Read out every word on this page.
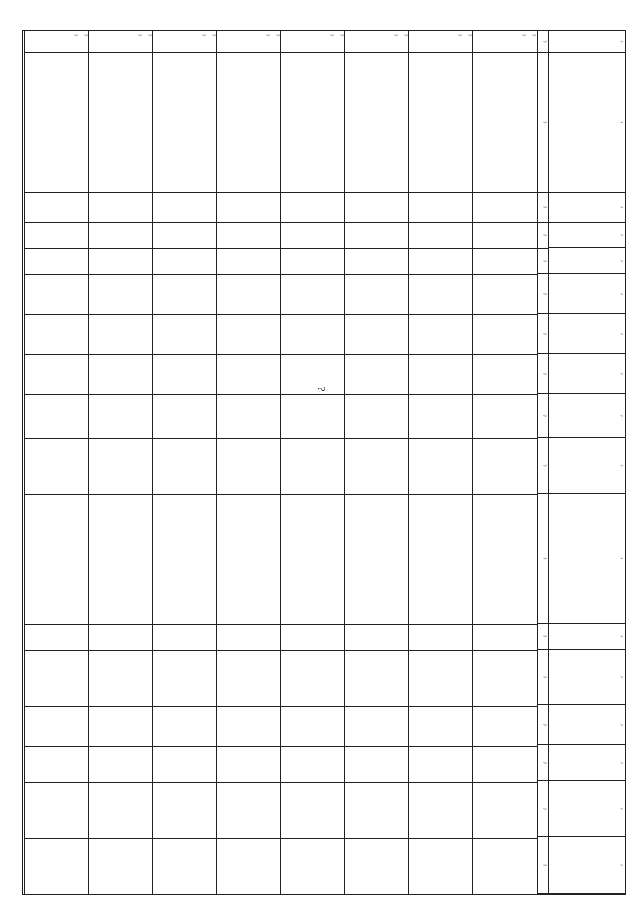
?
?
?
?
?
?
?
?
?
?
?
?
?
?
?
?
?
?
?
?
?
?
?
?
?
?
?
?
?
?
?
?
?
?
?
?
?
?
?
?
?
?
?
?
?
?
?
?
?
?
?
